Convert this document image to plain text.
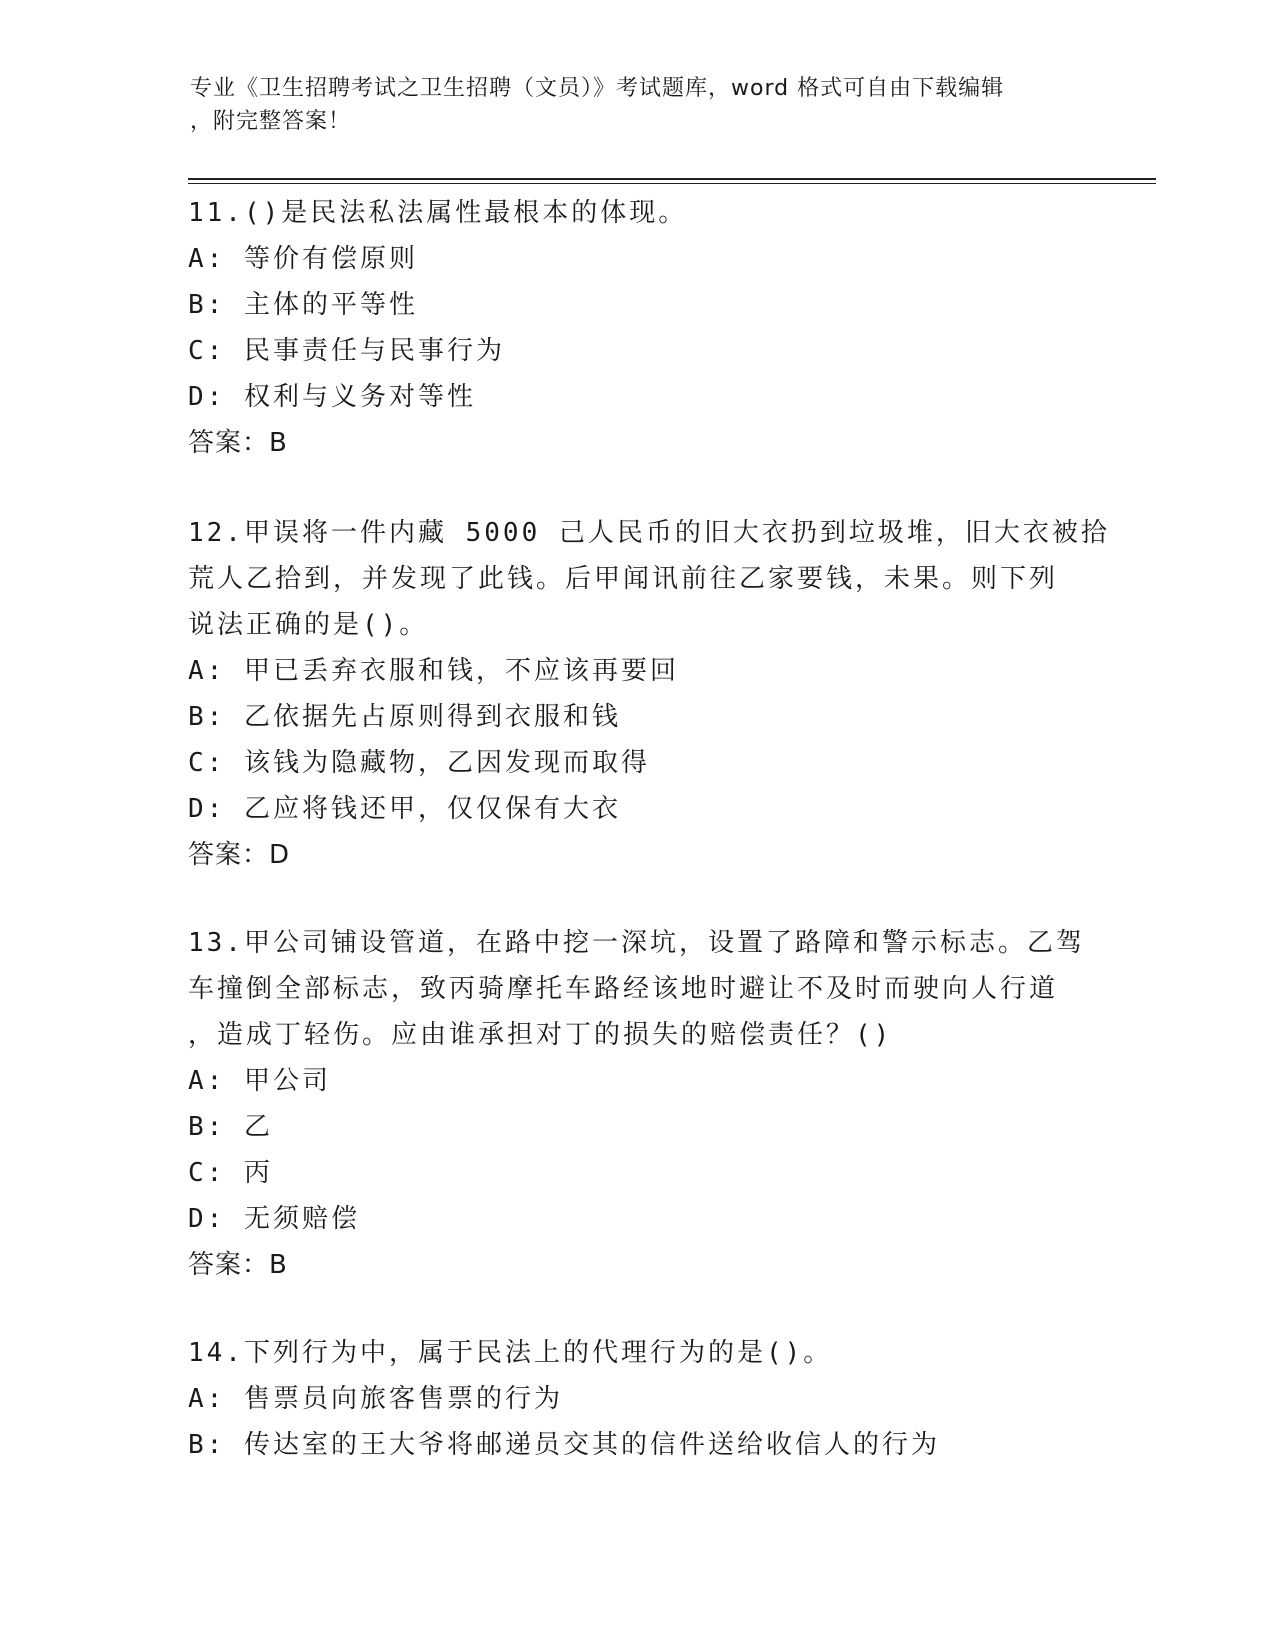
专业《卫生招聘考试之卫生招聘（文员）》考试题库，word 格式可自由下载编辑
，附完整答案！
11.()是民法私法属性最根本的体现。
A: 等价有偿原则
B: 主体的平等性
C: 民事责任与民事行为
D: 权利与义务对等性
答案：B
12.甲误将一件内藏 5000 己人民币的旧大衣扔到垃圾堆，旧大衣被拾
荒人乙拾到，并发现了此钱。后甲闻讯前往乙家要钱，未果。则下列
说法正确的是()。
A: 甲已丢弃衣服和钱，不应该再要回
B: 乙依据先占原则得到衣服和钱
C: 该钱为隐藏物，乙因发现而取得
D: 乙应将钱还甲，仅仅保有大衣
答案：D
13.甲公司铺设管道，在路中挖一深坑，设置了路障和警示标志。乙驾
车撞倒全部标志，致丙骑摩托车路经该地时避让不及时而驶向人行道
，造成丁轻伤。应由谁承担对丁的损失的赔偿责任？()
A: 甲公司
B: 乙
C: 丙
D: 无须赔偿
答案：B
14.下列行为中，属于民法上的代理行为的是()。
A: 售票员向旅客售票的行为
B: 传达室的王大爷将邮递员交其的信件送给收信人的行为
